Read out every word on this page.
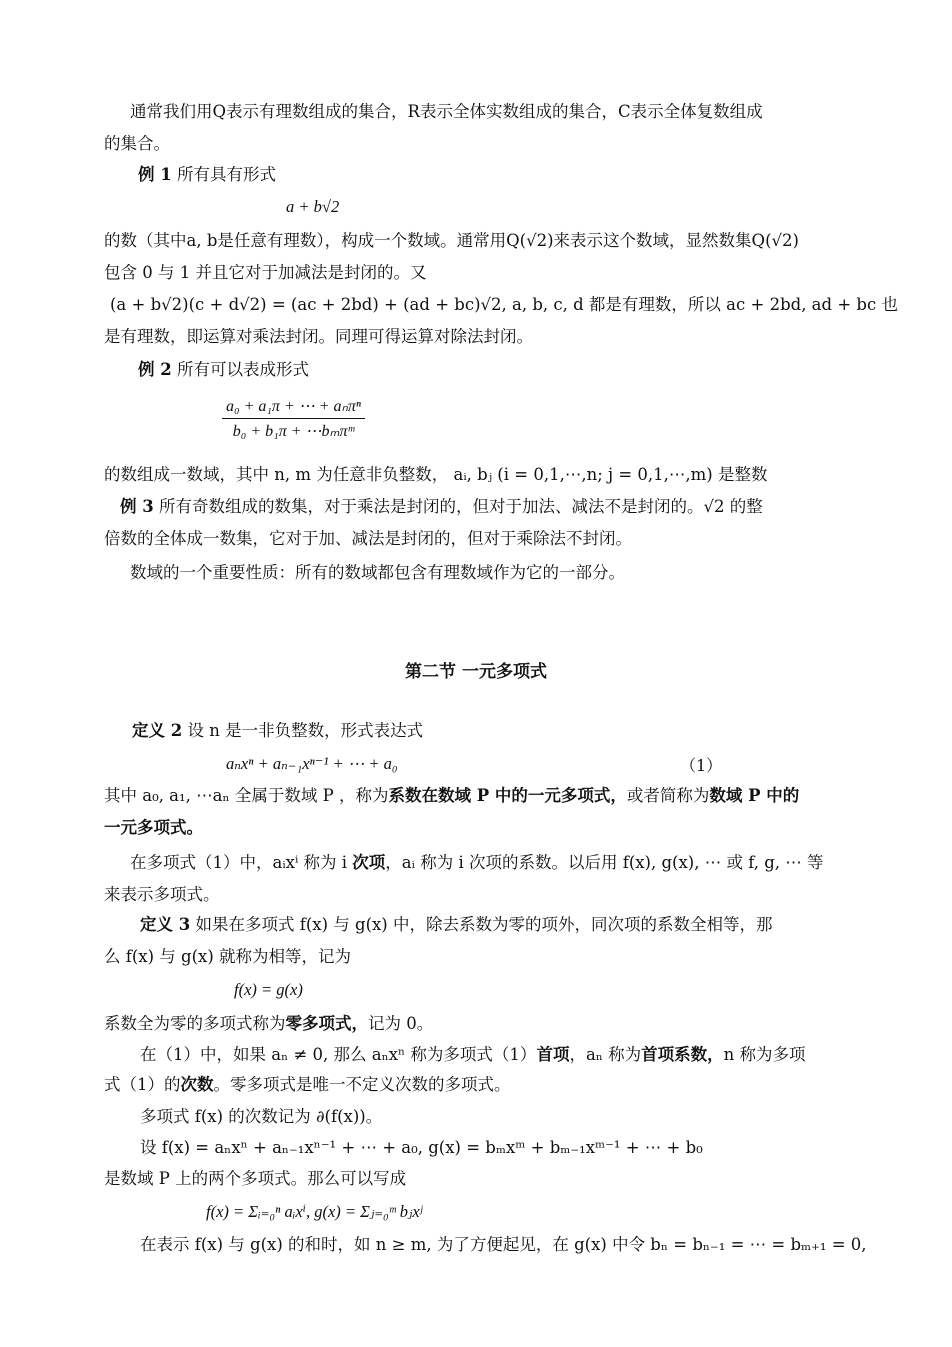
通常我们用Q表示有理数组成的集合，R表示全体实数组成的集合，C表示全体复数组成
的集合。
例 1 所有具有形式
a + b√2
的数（其中a, b是任意有理数），构成一个数域。通常用Q(√2)来表示这个数域，显然数集Q(√2)
包含 0 与 1 并且它对于加减法是封闭的。又
(a + b√2)(c + d√2) = (ac + 2bd) + (ad + bc)√2, a, b, c, d 都是有理数，所以 ac + 2bd, ad + bc 也
是有理数，即运算对乘法封闭。同理可得运算对除法封闭。
例 2 所有可以表成形式
a₀ + a₁π + ⋯ + aₙπⁿ
b₀ + b₁π + ⋯bₘπᵐ
的数组成一数域，其中 n, m 为任意非负整数， aᵢ, bⱼ (i = 0,1,⋯,n; j = 0,1,⋯,m) 是整数
例 3 所有奇数组成的数集，对于乘法是封闭的，但对于加法、减法不是封闭的。√2 的整
倍数的全体成一数集，它对于加、减法是封闭的，但对于乘除法不封闭。
数域的一个重要性质：所有的数域都包含有理数域作为它的一部分。
第二节 一元多项式
定义 2 设 n 是一非负整数，形式表达式
aₙxⁿ + aₙ₋₁xⁿ⁻¹ + ⋯ + a₀	（1）
其中 a₀, a₁, ⋯aₙ 全属于数域 P ，称为系数在数域 P 中的一元多项式，或者简称为数域 P 中的
一元多项式。
在多项式（1）中，aᵢxⁱ 称为 i 次项，aᵢ 称为 i 次项的系数。以后用 f(x), g(x), ⋯ 或 f, g, ⋯ 等
来表示多项式。
定义 3 如果在多项式 f(x) 与 g(x) 中，除去系数为零的项外，同次项的系数全相等，那
么 f(x) 与 g(x) 就称为相等，记为
f(x) = g(x)
系数全为零的多项式称为零多项式，记为 0。
在（1）中，如果 aₙ ≠ 0, 那么 aₙxⁿ 称为多项式（1）首项，aₙ 称为首项系数，n 称为多项
式（1）的次数。零多项式是唯一不定义次数的多项式。
多项式 f(x) 的次数记为 ∂(f(x))。
设 f(x) = aₙxⁿ + aₙ₋₁xⁿ⁻¹ + ⋯ + a₀, g(x) = bₘxᵐ + bₘ₋₁xᵐ⁻¹ + ⋯ + b₀
是数域 P 上的两个多项式。那么可以写成
f(x) = Σᵢ₌₀ⁿ aᵢxⁱ, g(x) = Σⱼ₌₀ᵐ bⱼxʲ
在表示 f(x) 与 g(x) 的和时，如 n ≥ m, 为了方便起见，在 g(x) 中令 bₙ = bₙ₋₁ = ⋯ = bₘ₊₁ = 0,
